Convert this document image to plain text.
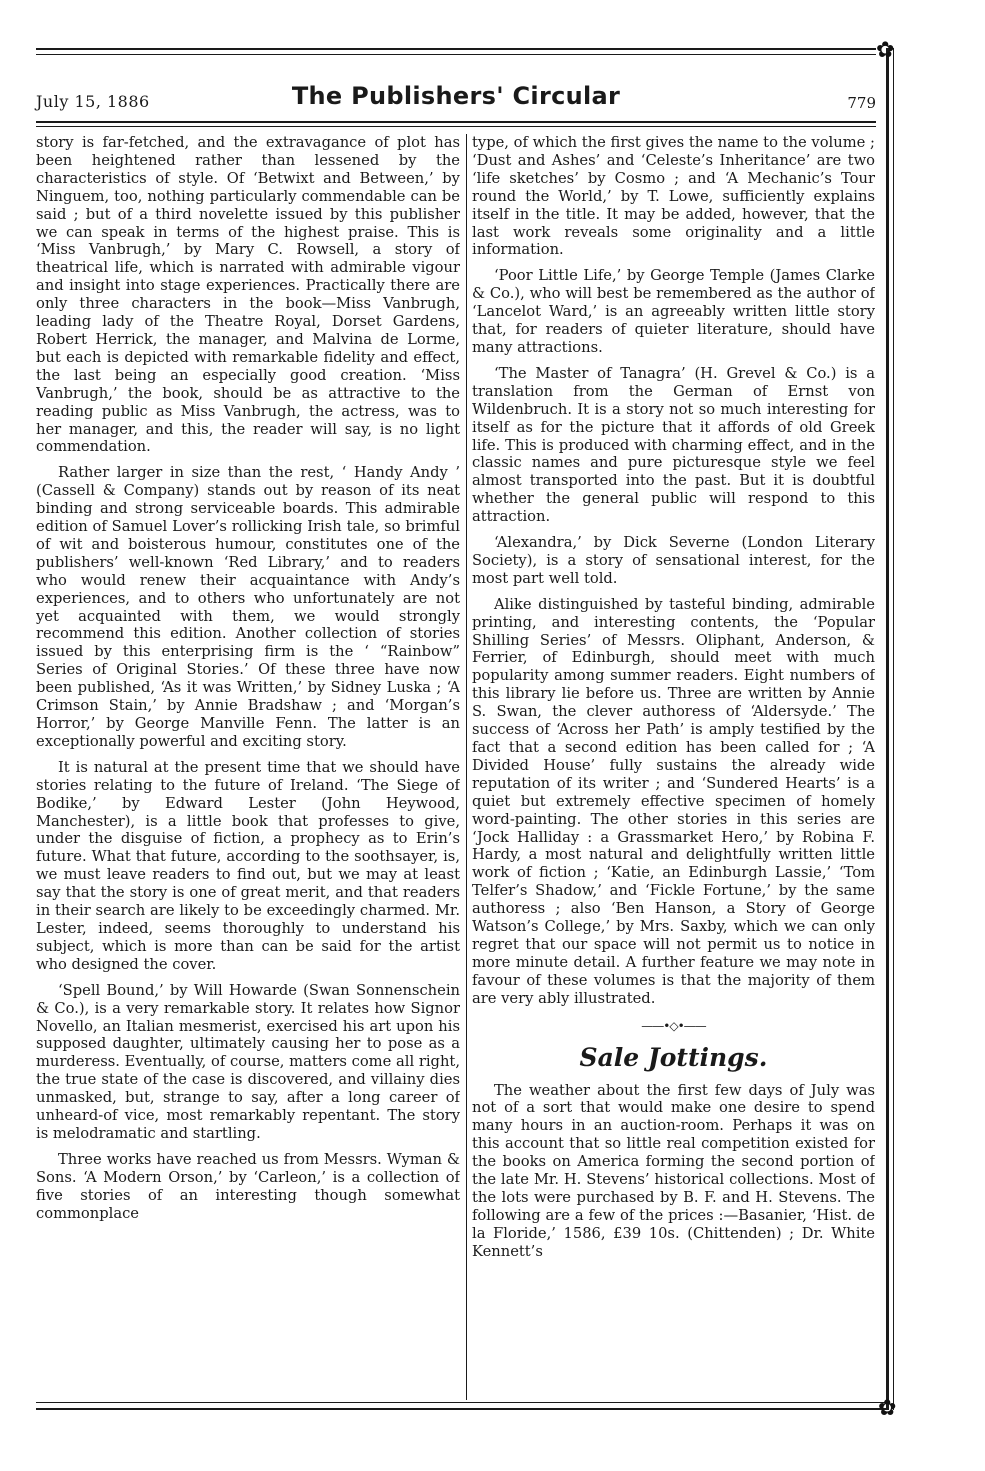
✿
✿
July 15, 1886	The Publishers' Circular	779

story is far-fetched, and the extravagance of plot has been heightened rather than lessened by the characteristics of style. Of ‘Betwixt and Between,’ by Ninguem, too, nothing particularly commendable can be said ; but of a third novelette issued by this publisher we can speak in terms of the highest praise. This is ‘Miss Vanbrugh,’ by Mary C. Rowsell, a story of theatrical life, which is narrated with admirable vigour and insight into stage experiences. Practically there are only three characters in the book—Miss Vanbrugh, leading lady of the Theatre Royal, Dorset Gardens, Robert Herrick, the manager, and Malvina de Lorme, but each is depicted with remarkable fidelity and effect, the last being an especially good creation. ‘Miss Vanbrugh,’ the book, should be as attractive to the reading public as Miss Vanbrugh, the actress, was to her manager, and this, the reader will say, is no light commendation.

Rather larger in size than the rest, ‘ Handy Andy ’ (Cassell & Company) stands out by reason of its neat binding and strong serviceable boards. This admirable edition of Samuel Lover’s rollicking Irish tale, so brimful of wit and boisterous humour, constitutes one of the publishers’ well-known ‘Red Library,’ and to readers who would renew their acquaintance with Andy’s experiences, and to others who unfortunately are not yet acquainted with them, we would strongly recommend this edition. Another collection of stories issued by this enterprising firm is the ‘ “Rainbow” Series of Original Stories.’ Of these three have now been published, ‘As it was Written,’ by Sidney Luska ; ‘A Crimson Stain,’ by Annie Bradshaw ; and ‘Morgan’s Horror,’ by George Manville Fenn. The latter is an exceptionally powerful and exciting story.

It is natural at the present time that we should have stories relating to the future of Ireland. ‘The Siege of Bodike,’ by Edward Lester (John Heywood, Manchester), is a little book that professes to give, under the disguise of fiction, a prophecy as to Erin’s future. What that future, according to the soothsayer, is, we must leave readers to find out, but we may at least say that the story is one of great merit, and that readers in their search are likely to be exceedingly charmed. Mr. Lester, indeed, seems thoroughly to understand his subject, which is more than can be said for the artist who designed the cover.

‘Spell Bound,’ by Will Howarde (Swan Sonnenschein & Co.), is a very remarkable story. It relates how Signor Novello, an Italian mesmerist, exercised his art upon his supposed daughter, ultimately causing her to pose as a murderess. Eventually, of course, matters come all right, the true state of the case is discovered, and villainy dies unmasked, but, strange to say, after a long career of unheard-of vice, most remarkably repentant. The story is melodramatic and startling.

Three works have reached us from Messrs. Wyman & Sons. ‘A Modern Orson,’ by ‘Carleon,’ is a collection of five stories of an interesting though somewhat commonplace

type, of which the first gives the name to the volume ; ‘Dust and Ashes’ and ‘Celeste’s Inheritance’ are two ‘life sketches’ by Cosmo ; and ‘A Mechanic’s Tour round the World,’ by T. Lowe, sufficiently explains itself in the title. It may be added, however, that the last work reveals some originality and a little information.

‘Poor Little Life,’ by George Temple (James Clarke & Co.), who will best be remembered as the author of ‘Lancelot Ward,’ is an agreeably written little story that, for readers of quieter literature, should have many attractions.

‘The Master of Tanagra’ (H. Grevel & Co.) is a translation from the German of Ernst von Wildenbruch. It is a story not so much interesting for itself as for the picture that it affords of old Greek life. This is produced with charming effect, and in the classic names and pure picturesque style we feel almost transported into the past. But it is doubtful whether the general public will respond to this attraction.

‘Alexandra,’ by Dick Severne (London Literary Society), is a story of sensational interest, for the most part well told.

Alike distinguished by tasteful binding, admirable printing, and interesting contents, the ‘Popular Shilling Series’ of Messrs. Oliphant, Anderson, & Ferrier, of Edinburgh, should meet with much popularity among summer readers. Eight numbers of this library lie before us. Three are written by Annie S. Swan, the clever authoress of ‘Aldersyde.’ The success of ‘Across her Path’ is amply testified by the fact that a second edition has been called for ; ‘A Divided House’ fully sustains the already wide reputation of its writer ; and ‘Sundered Hearts’ is a quiet but extremely effective specimen of homely word-painting. The other stories in this series are ‘Jock Halliday : a Grassmarket Hero,’ by Robina F. Hardy, a most natural and delightfully written little work of fiction ; ‘Katie, an Edinburgh Lassie,’ ‘Tom Telfer’s Shadow,’ and ‘Fickle Fortune,’ by the same authoress ; also ‘Ben Hanson, a Story of George Watson’s College,’ by Mrs. Saxby, which we can only regret that our space will not permit us to notice in more minute detail. A further feature we may note in favour of these volumes is that the majority of them are very ably illustrated.

——•◇•——
Sale Jottings.

The weather about the first few days of July was not of a sort that would make one desire to spend many hours in an auction-room. Perhaps it was on this account that so little real competition existed for the books on America forming the second portion of the late Mr. H. Stevens’ historical collections. Most of the lots were purchased by B. F. and H. Stevens. The following are a few of the prices :—Basanier, ‘Hist. de la Floride,’ 1586, £39 10s. (Chittenden) ; Dr. White Kennett’s
